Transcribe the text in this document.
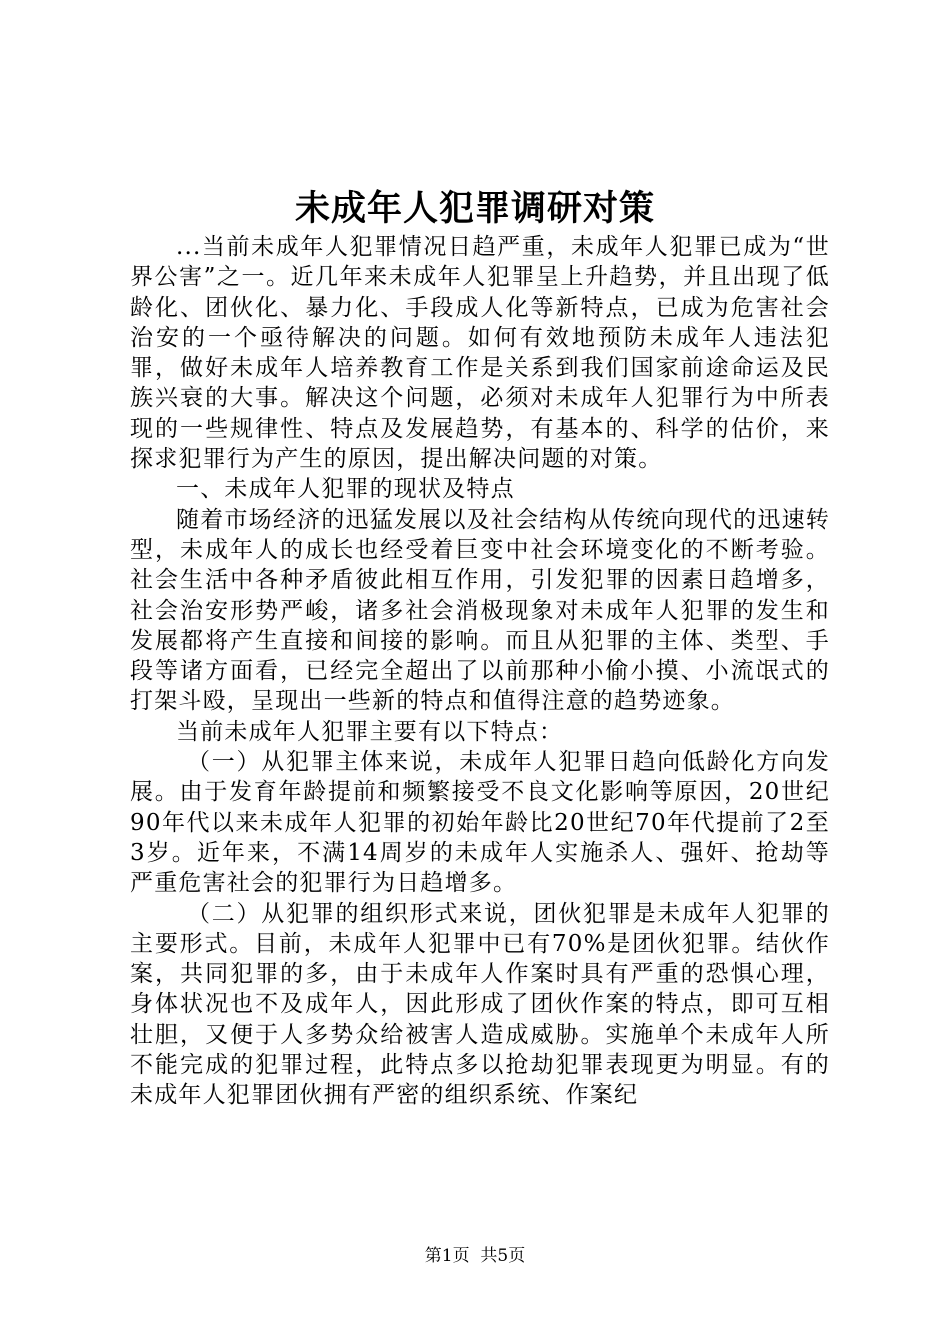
未成年人犯罪调研对策

...当前未成年人犯罪情况日趋严重，未成年人犯罪已成为“世界公害”之一。近几年来未成年人犯罪呈上升趋势，并且出现了低龄化、团伙化、暴力化、手段成人化等新特点，已成为危害社会治安的一个亟待解决的问题。如何有效地预防未成年人违法犯罪，做好未成年人培养教育工作是关系到我们国家前途命运及民族兴衰的大事。解决这个问题，必须对未成年人犯罪行为中所表现的一些规律性、特点及发展趋势，有基本的、科学的估价，来探求犯罪行为产生的原因，提出解决问题的对策。

一、未成年人犯罪的现状及特点

随着市场经济的迅猛发展以及社会结构从传统向现代的迅速转型，未成年人的成长也经受着巨变中社会环境变化的不断考验。社会生活中各种矛盾彼此相互作用，引发犯罪的因素日趋增多，社会治安形势严峻，诸多社会消极现象对未成年人犯罪的发生和发展都将产生直接和间接的影响。而且从犯罪的主体、类型、手段等诸方面看，已经完全超出了以前那种小偷小摸、小流氓式的打架斗殴，呈现出一些新的特点和值得注意的趋势迹象。

当前未成年人犯罪主要有以下特点：

（一）从犯罪主体来说，未成年人犯罪日趋向低龄化方向发展。由于发育年龄提前和频繁接受不良文化影响等原因，20世纪90年代以来未成年人犯罪的初始年龄比20世纪70年代提前了2至3岁。近年来，不满14周岁的未成年人实施杀人、强奸、抢劫等严重危害社会的犯罪行为日趋增多。

（二）从犯罪的组织形式来说，团伙犯罪是未成年人犯罪的主要形式。目前，未成年人犯罪中已有70%是团伙犯罪。结伙作案，共同犯罪的多，由于未成年人作案时具有严重的恐惧心理，身体状况也不及成年人，因此形成了团伙作案的特点，即可互相壮胆，又便于人多势众给被害人造成威胁。实施单个未成年人所不能完成的犯罪过程，此特点多以抢劫犯罪表现更为明显。有的未成年人犯罪团伙拥有严密的组织系统、作案纪

第1页 共5页
